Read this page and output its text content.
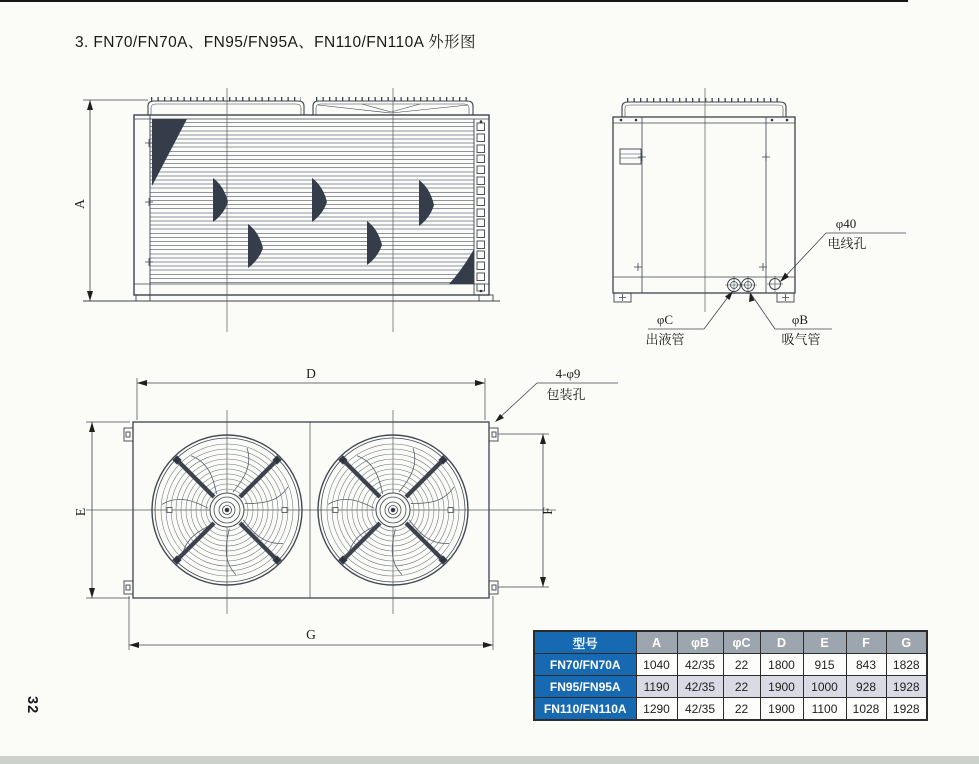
3. FN70/FN70A、FN95/FN95A、FN110/FN110A 外形图
32
A
φ40
电线孔
φC
出液管
φB
吸气管
D
E	F
G
4-φ9
包装孔
型号	A	φB	φC	D	E	F	G
FN70/FN70A	1040	42/35	22	1800	915	843	1828
FN95/FN95A	1190	42/35	22	1900	1000	928	1928
FN110/FN110A	1290	42/35	22	1900	1100	1028	1928
